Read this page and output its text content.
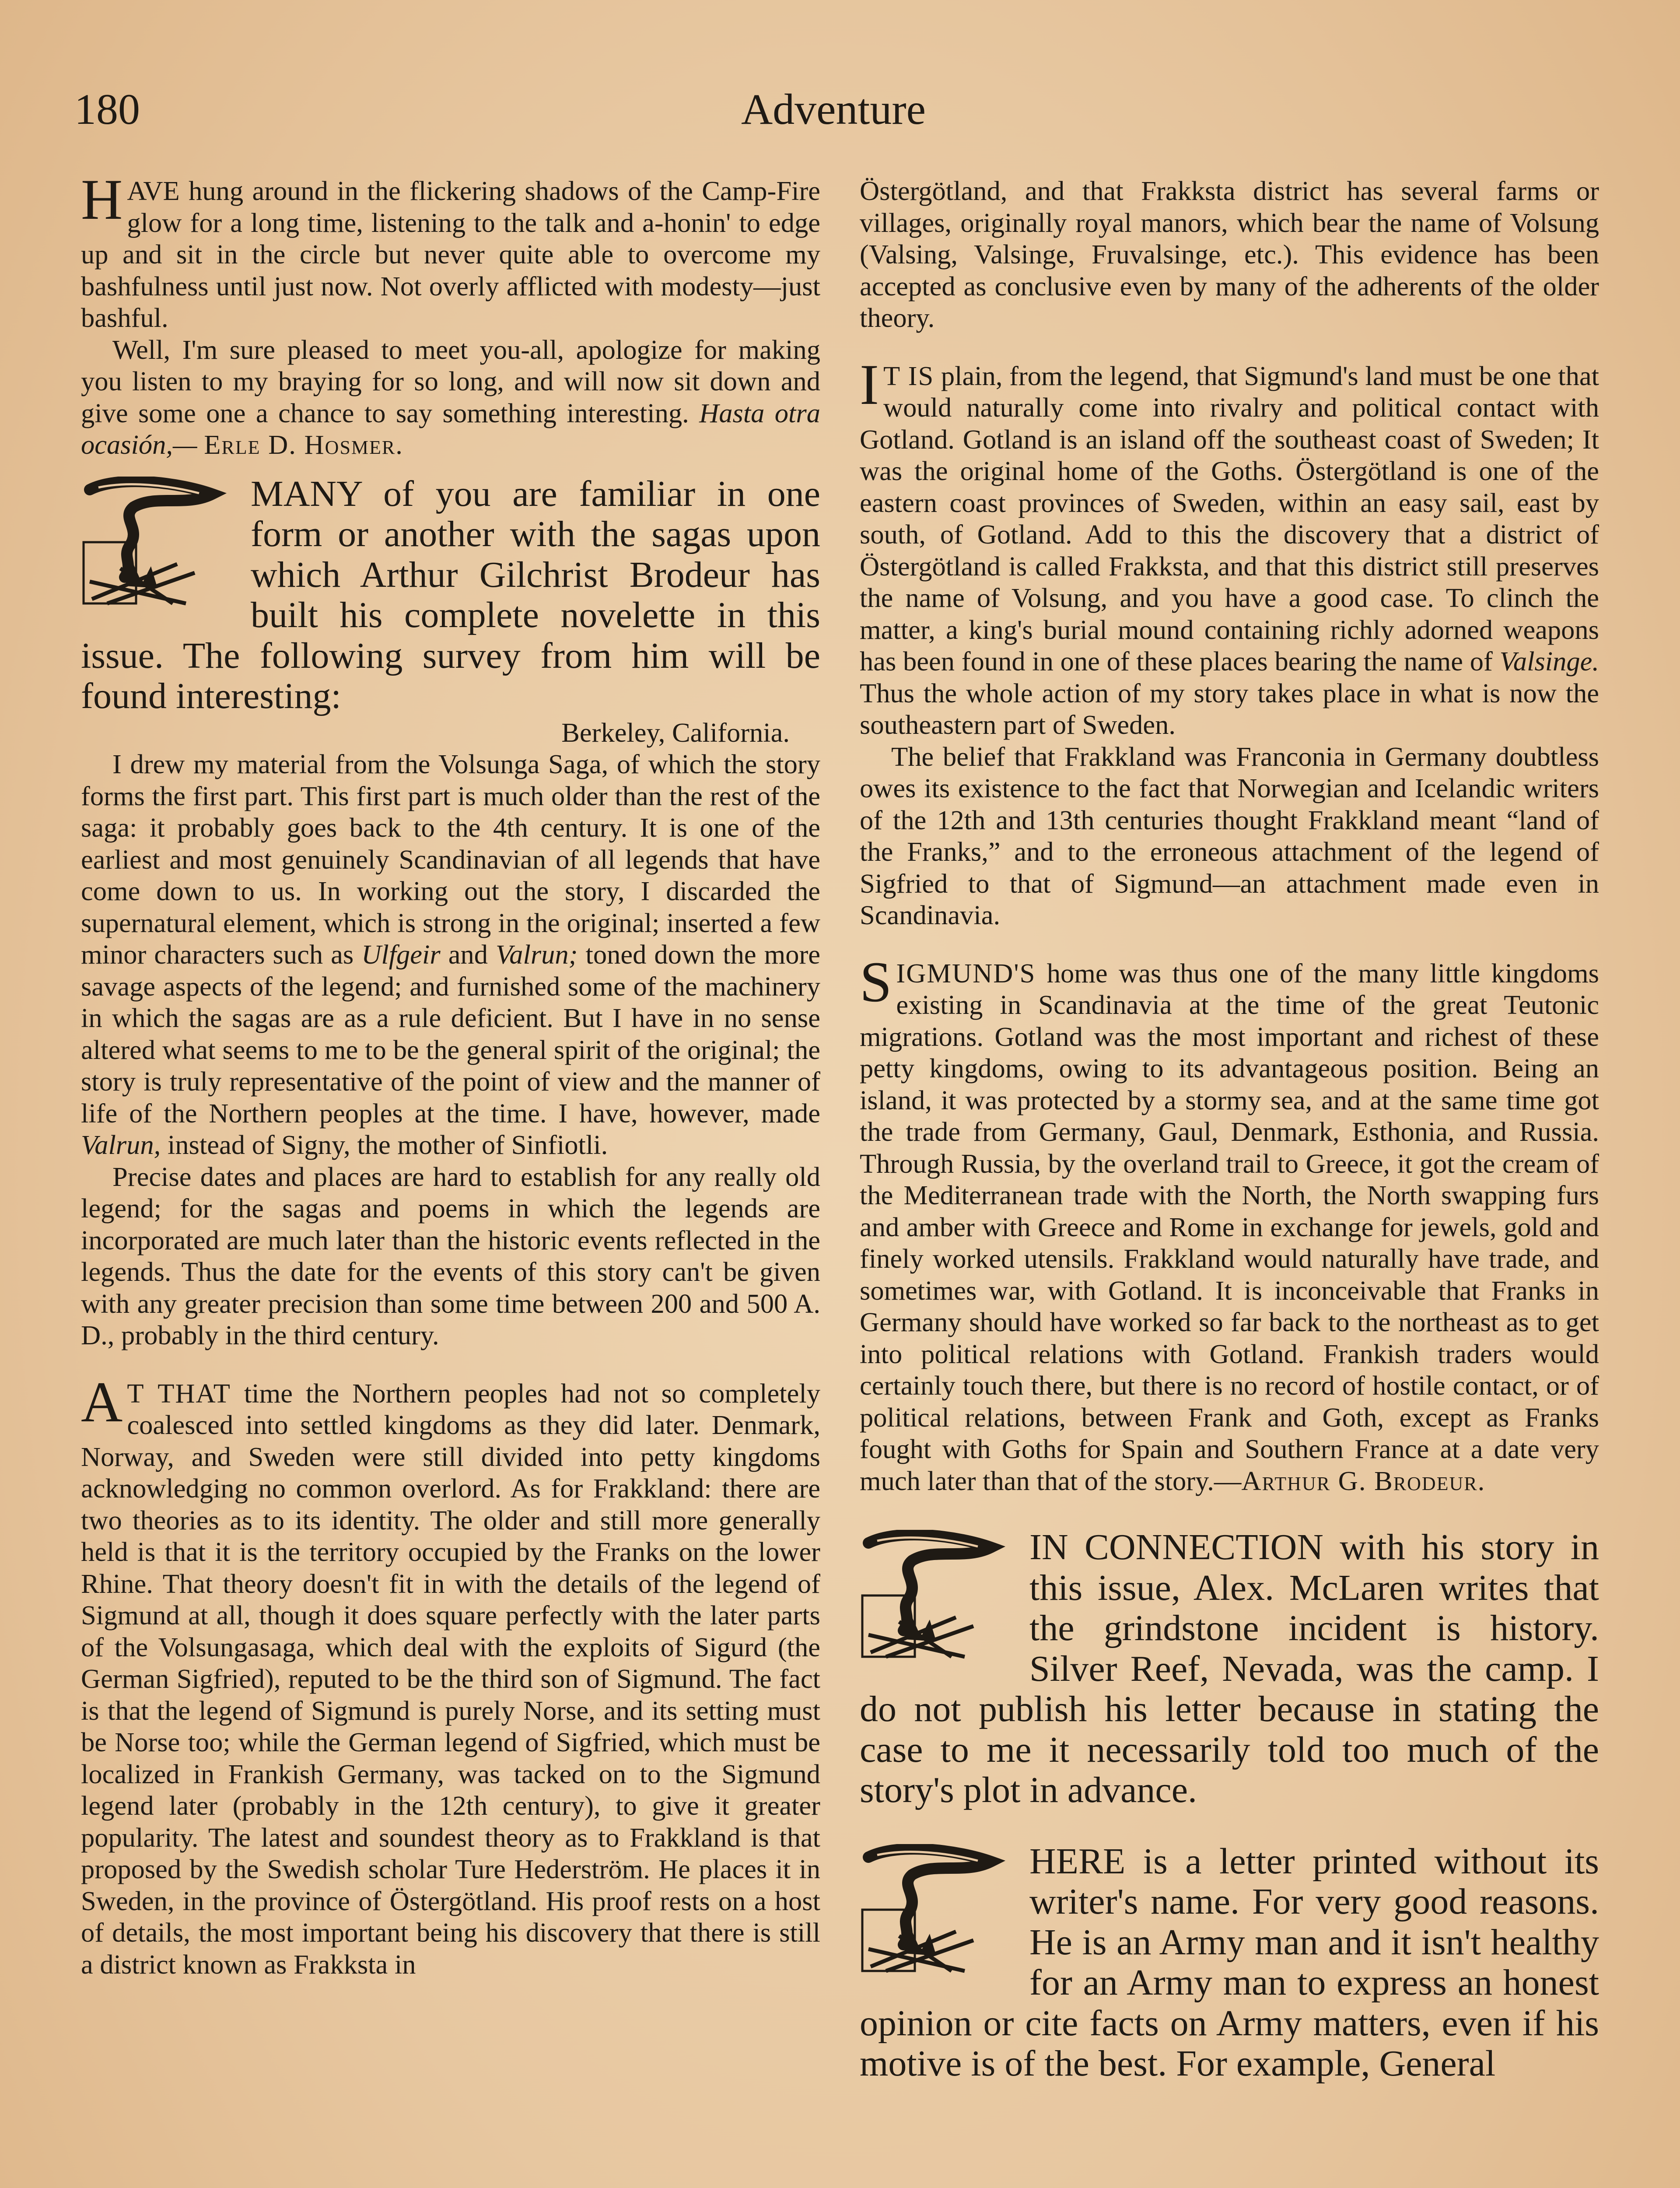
180	Adventure

HAVE hung around in the flickering shadows of the Camp-Fire glow for a long time, listening to the talk and a-honin' to edge up and sit in the circle but never quite able to overcome my bashfulness until just now. Not overly afflicted with modesty—just bashful.

Well, I'm sure pleased to meet you-all, apologize for making you listen to my braying for so long, and will now sit down and give some one a chance to say something interesting. Hasta otra ocasión,— Erle D. Hosmer.

MANY of you are familiar in one form or another with the sagas upon which Arthur Gilchrist Brodeur has built his complete novelette in this issue. The following survey from him will be found interesting:

Berkeley, California.

I drew my material from the Volsunga Saga, of which the story forms the first part. This first part is much older than the rest of the saga: it probably goes back to the 4th century. It is one of the earliest and most genuinely Scandinavian of all legends that have come down to us. In working out the story, I discarded the supernatural element, which is strong in the original; inserted a few minor characters such as Ulfgeir and Valrun; toned down the more savage aspects of the legend; and furnished some of the machinery in which the sagas are as a rule deficient. But I have in no sense altered what seems to me to be the general spirit of the original; the story is truly representative of the point of view and the manner of life of the Northern peoples at the time. I have, however, made Valrun, instead of Signy, the mother of Sinfiotli.

Precise dates and places are hard to establish for any really old legend; for the sagas and poems in which the legends are incorporated are much later than the historic events reflected in the legends. Thus the date for the events of this story can't be given with any greater precision than some time between 200 and 500 A. D., probably in the third century.

A T THAT time the Northern peoples had not so completely coalesced into settled kingdoms as they did later. Denmark, Norway, and Sweden were still divided into petty kingdoms acknowledging no common overlord. As for Frakkland: there are two theories as to its identity. The older and still more generally held is that it is the territory occupied by the Franks on the lower Rhine. That theory doesn't fit in with the details of the legend of Sigmund at all, though it does square perfectly with the later parts of the Volsungasaga, which deal with the exploits of Sigurd (the German Sigfried), reputed to be the third son of Sigmund. The fact is that the legend of Sigmund is purely Norse, and its setting must be Norse too; while the German legend of Sigfried, which must be localized in Frankish Germany, was tacked on to the Sigmund legend later (probably in the 12th century), to give it greater popularity. The latest and soundest theory as to Frakkland is that proposed by the Swedish scholar Ture Hederström. He places it in Sweden, in the province of Östergötland. His proof rests on a host of details, the most important being his discovery that there is still a district known as Frakksta in

Östergötland, and that Frakksta district has several farms or villages, originally royal manors, which bear the name of Volsung (Valsing, Valsinge, Fruvalsinge, etc.). This evidence has been accepted as conclusive even by many of the adherents of the older theory.

I T IS plain, from the legend, that Sigmund's land must be one that would naturally come into rivalry and political contact with Gotland. Gotland is an island off the southeast coast of Sweden; It was the original home of the Goths. Östergötland is one of the eastern coast provinces of Sweden, within an easy sail, east by south, of Gotland. Add to this the discovery that a district of Östergötland is called Frakksta, and that this district still preserves the name of Volsung, and you have a good case. To clinch the matter, a king's burial mound containing richly adorned weapons has been found in one of these places bearing the name of Valsinge. Thus the whole action of my story takes place in what is now the southeastern part of Sweden.

The belief that Frakkland was Franconia in Germany doubtless owes its existence to the fact that Norwegian and Icelandic writers of the 12th and 13th centuries thought Frakkland meant “land of the Franks,” and to the erroneous attachment of the legend of Sigfried to that of Sigmund—an attachment made even in Scandinavia.

SIGMUND'S home was thus one of the many little kingdoms existing in Scandinavia at the time of the great Teutonic migrations. Gotland was the most important and richest of these petty kingdoms, owing to its advantageous position. Being an island, it was protected by a stormy sea, and at the same time got the trade from Germany, Gaul, Denmark, Esthonia, and Russia. Through Russia, by the overland trail to Greece, it got the cream of the Mediterranean trade with the North, the North swapping furs and amber with Greece and Rome in exchange for jewels, gold and finely worked utensils. Frakkland would naturally have trade, and sometimes war, with Gotland. It is inconceivable that Franks in Germany should have worked so far back to the northeast as to get into political relations with Gotland. Frankish traders would certainly touch there, but there is no record of hostile contact, or of political relations, between Frank and Goth, except as Franks fought with Goths for Spain and Southern France at a date very much later than that of the story.—Arthur G. Brodeur.

IN CONNECTION with his story in this issue, Alex. McLaren writes that the grindstone incident is history. Silver Reef, Nevada, was the camp. I do not publish his letter because in stating the case to me it necessarily told too much of the story's plot in advance.
HERE is a letter printed without its writer's name. For very good reasons. He is an Army man and it isn't healthy for an Army man to express an honest opinion or cite facts on Army matters, even if his motive is of the best. For example, General
